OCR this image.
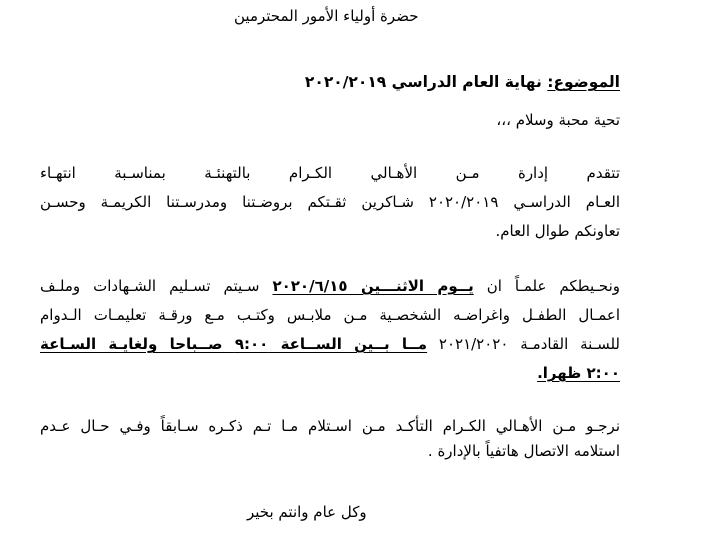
حضرة أولياء الأمور المحترمين
الموضوع: نهاية العام الدراسي ٢٠٢٠/٢٠١٩
تحية محبة وسلام ،،،
تتقدم إدارة مـن الأهـالي الكـرام بالتهنئـة بمناسـبة انتهـاء
العـام الدراسـي ٢٠٢٠/٢٠١٩ شـاكرين ثقـتكم بروضـتنا ومدرسـتنا الكريمـة وحسـن
تعاونكم طوال العام.
ونحـيطكم علمـاً ان يــوم الاثنـــين ٢٠٢٠/٦/١٥ سـيتم تسـليم الشـهادات وملـف
اعمـال الطفـل واغراضـه الشخصـية مـن ملابـس وكتـب مـع ورقـة تعليمـات الـدوام
للسـنة القادمـة ٢٠٢١/٢٠٢٠ مــا بــين الســاعة ٩:٠٠ صــباحا ولغايـة السـاعة
٢:٠٠ ظهرا.
نرجـو مـن الأهـالي الكـرام التأكـد مـن اسـتلام مـا تـم ذكـره سـابقاً وفـي حـال عـدم
استلامه الاتصال هاتفياً بالإدارة .
وكل عام وانتم بخير
